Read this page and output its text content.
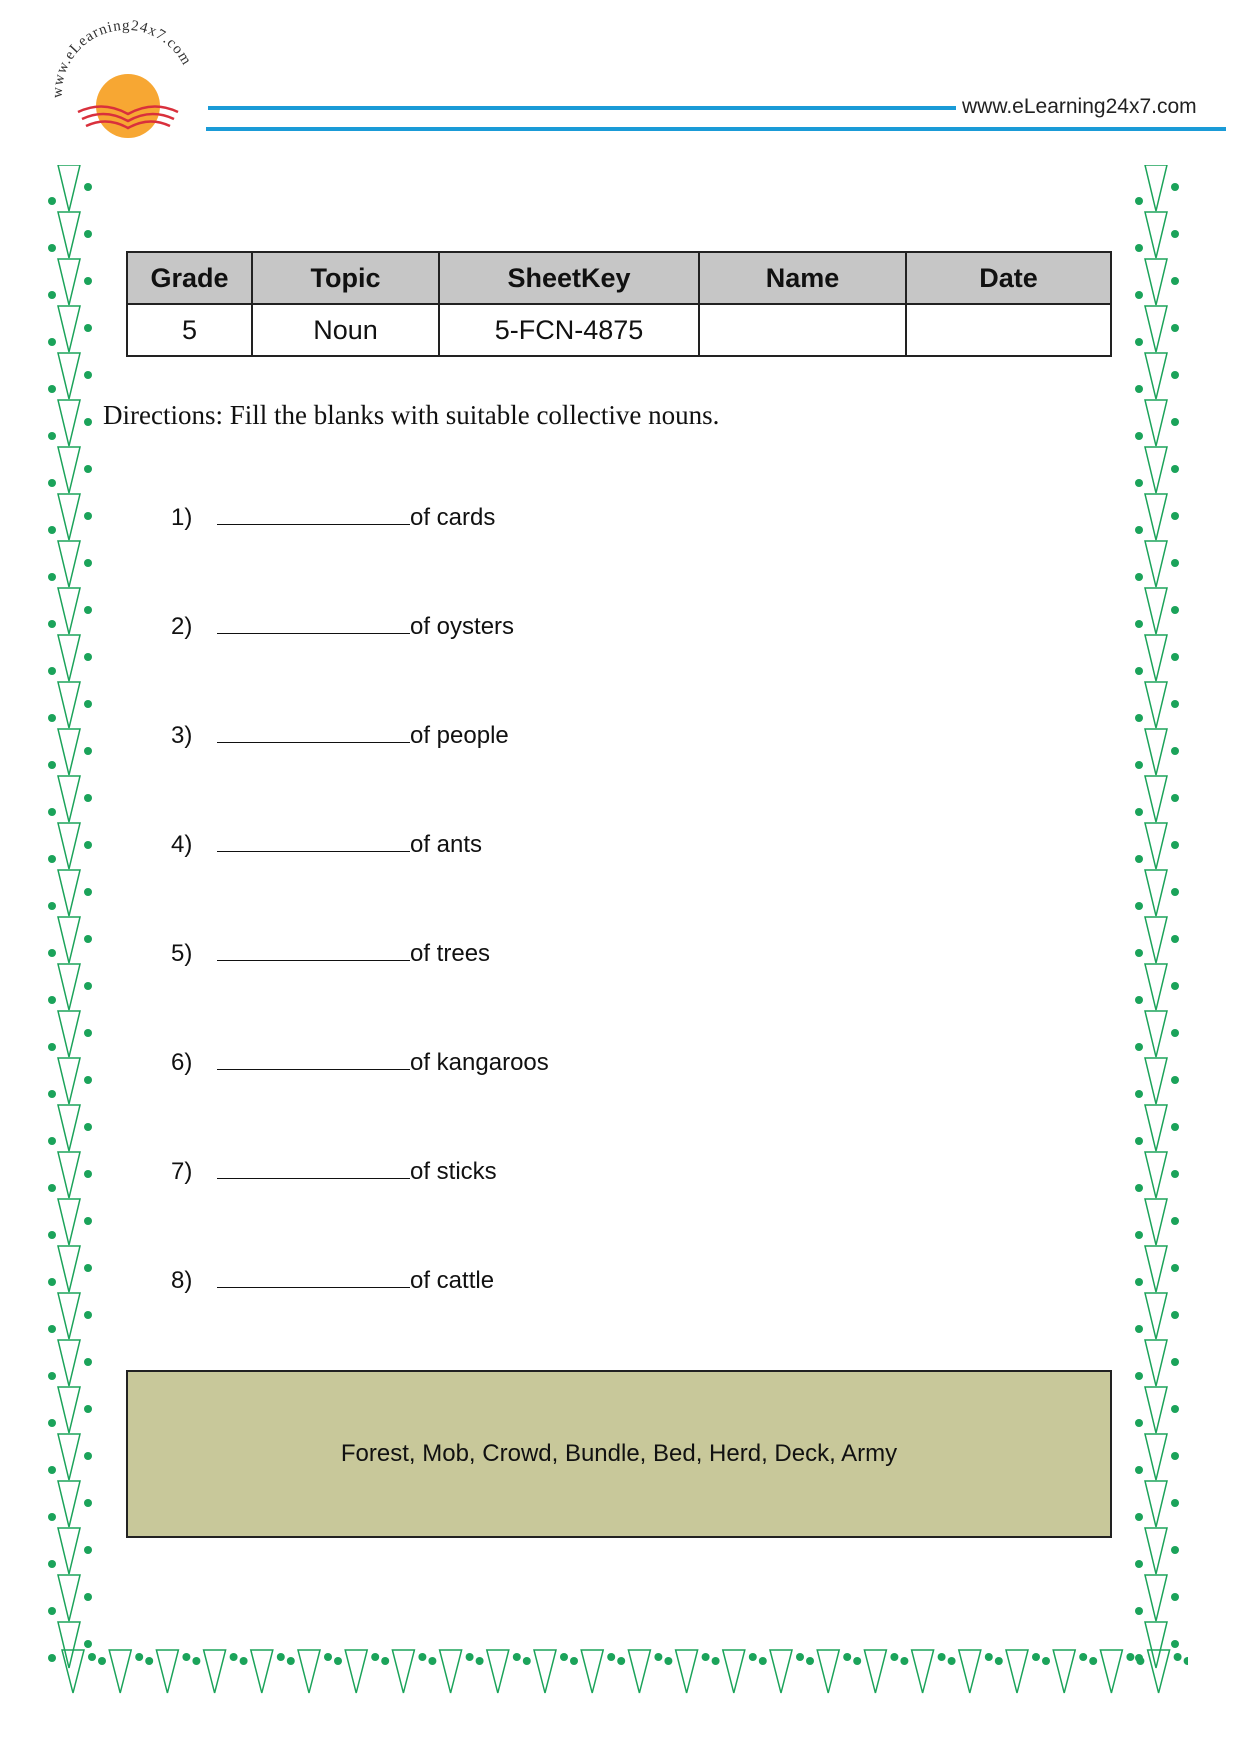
www.eLearning24x7.com
www.eLearning24x7.com
Grade	Topic	SheetKey	Name	Date
5	Noun	5-FCN-4875		
Directions: Fill the blanks with suitable collective nouns.
1)	of cards
2)	of oysters
3)	of people
4)	of ants
5)	of trees
6)	of kangaroos
7)	of sticks
8)	of cattle
Forest, Mob, Crowd, Bundle, Bed, Herd, Deck, Army
